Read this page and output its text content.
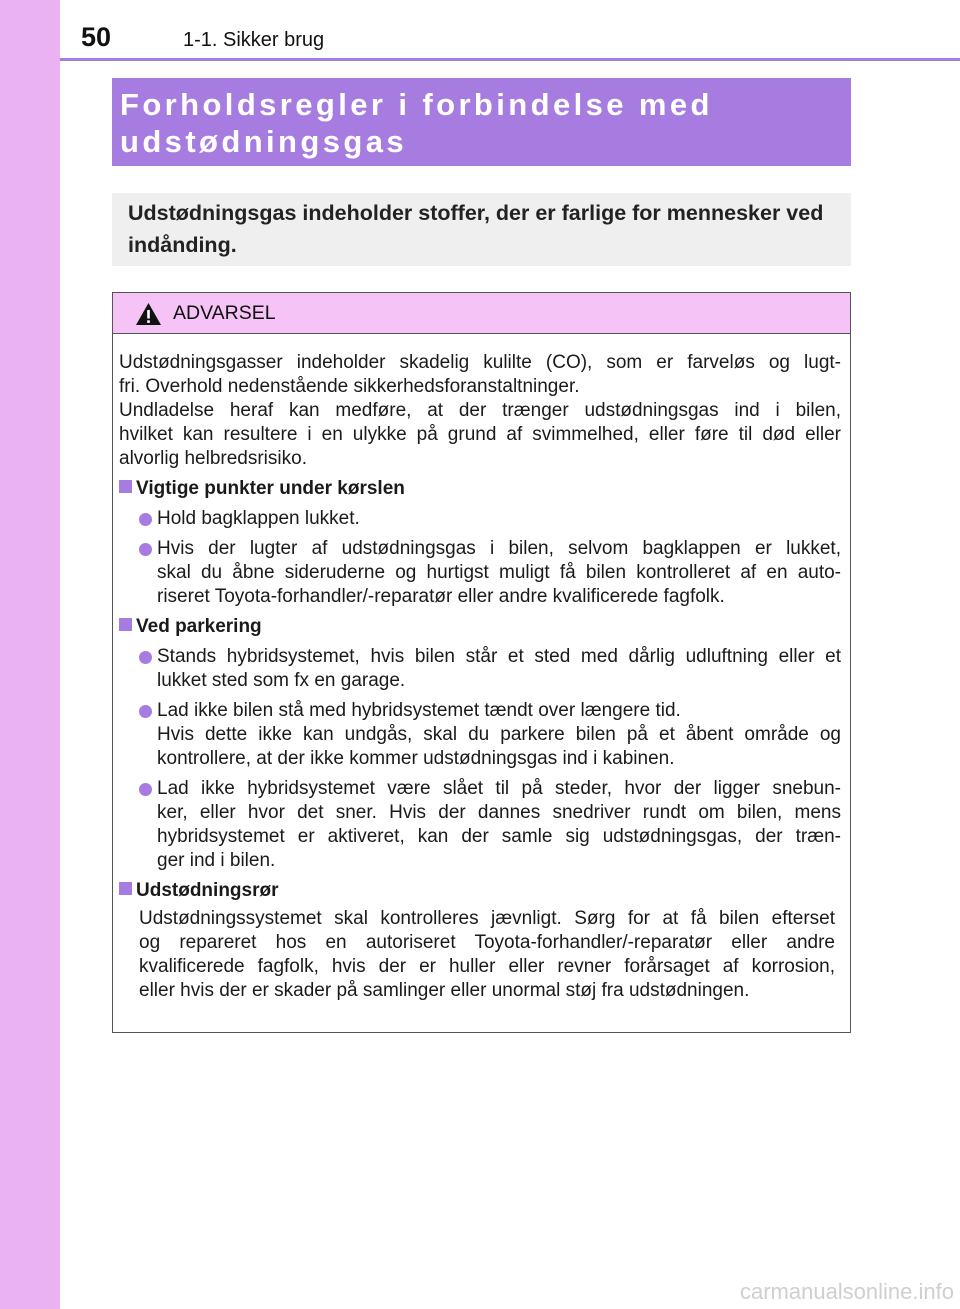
50	1-1. Sikker brug
Forholdsregler i forbindelse med
udstødningsgas
Udstødningsgas indeholder stoffer, der er farlige for mennesker ved indånding.
ADVARSEL

Udstødningsgasser indeholder skadelig kulilte (CO), som er farveløs og lugt-
fri. Overhold nedenstående sikkerhedsforanstaltninger.

Undladelse heraf kan medføre, at der trænger udstødningsgas ind i bilen,
hvilket kan resultere i en ulykke på grund af svimmelhed, eller føre til død eller
alvorlig helbredsrisiko.

Vigtige punkter under kørslen

Hold bagklappen lukket.

Hvis der lugter af udstødningsgas i bilen, selvom bagklappen er lukket,
skal du åbne sideruderne og hurtigst muligt få bilen kontrolleret af en auto-
riseret Toyota-forhandler/-reparatør eller andre kvalificerede fagfolk.

Ved parkering

Stands hybridsystemet, hvis bilen står et sted med dårlig udluftning eller et
lukket sted som fx en garage.

Lad ikke bilen stå med hybridsystemet tændt over længere tid.
Hvis dette ikke kan undgås, skal du parkere bilen på et åbent område og
kontrollere, at der ikke kommer udstødningsgas ind i kabinen.

Lad ikke hybridsystemet være slået til på steder, hvor der ligger snebun-
ker, eller hvor det sner. Hvis der dannes snedriver rundt om bilen, mens
hybridsystemet er aktiveret, kan der samle sig udstødningsgas, der træn-
ger ind i bilen.

Udstødningsrør

Udstødningssystemet skal kontrolleres jævnligt. Sørg for at få bilen efterset
og repareret hos en autoriseret Toyota-forhandler/-reparatør eller andre
kvalificerede fagfolk, hvis der er huller eller revner forårsaget af korrosion,
eller hvis der er skader på samlinger eller unormal støj fra udstødningen.

carmanualsonline.info
